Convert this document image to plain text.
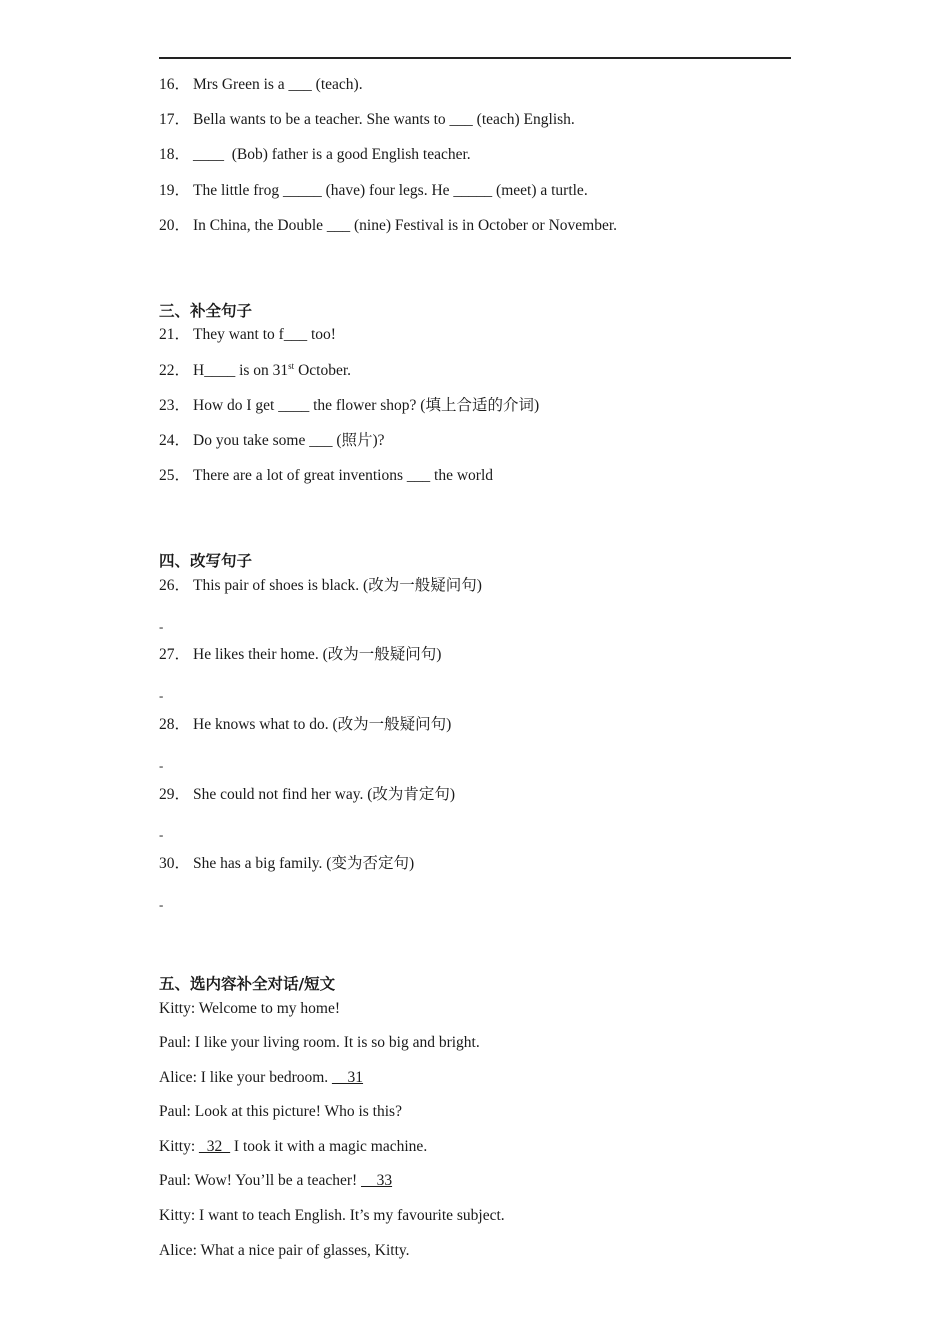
16． Mrs Green is a ___ (teach).
17． Bella wants to be a teacher. She wants to ___ (teach) English.
18． ____  (Bob) father is a good English teacher.
19． The little frog _____ (have) four legs. He _____ (meet) a turtle.
20． In China, the Double ___ (nine) Festival is in October or November.
三、补全句子
21． They want to f___ too!
22． H____ is on 31st October.
23． How do I get ____ the flower shop? (填上合适的介词)
24． Do you take some ___ (照片)?
25． There are a lot of great inventions ___ the world
四、改写句子
26． This pair of shoes is black. (改为一般疑问句)
-
27． He likes their home. (改为一般疑问句)
-
28． He knows what to do. (改为一般疑问句)
-
29． She could not find her way. (改为肯定句)
-
30． She has a big family. (变为否定句)
-
五、选内容补全对话/短文
Kitty: Welcome to my home!
Paul: I like your living room. It is so big and bright.
Alice: I like your bedroom. __31
Paul: Look at this picture! Who is this?
Kitty: _32_ I took it with a magic machine.
Paul: Wow! You’ll be a teacher! __33
Kitty: I want to teach English. It’s my favourite subject.
Alice: What a nice pair of glasses, Kitty.
